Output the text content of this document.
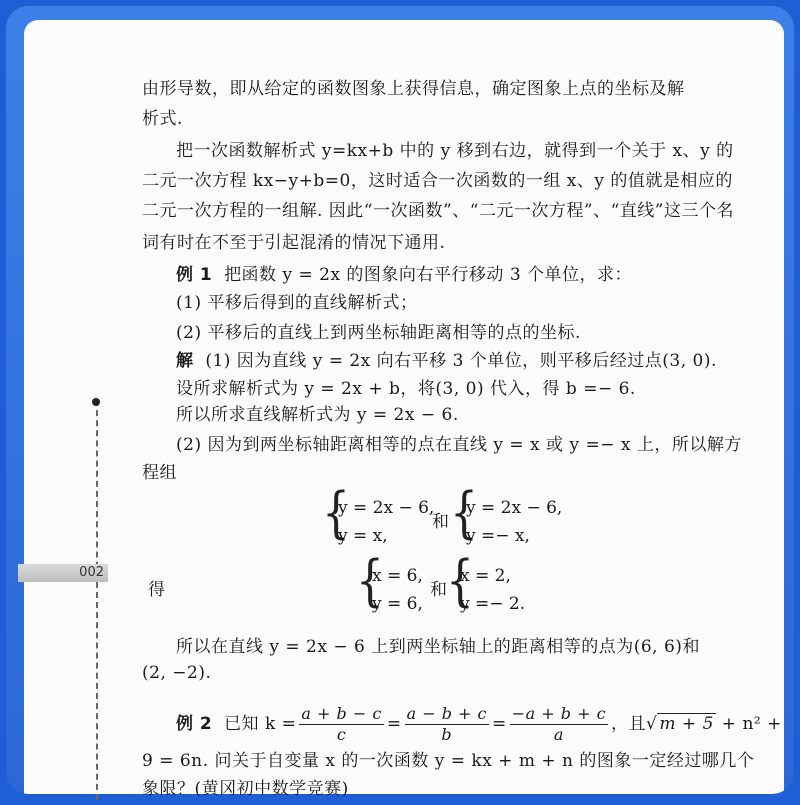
002
由形导数，即从给定的函数图象上获得信息，确定图象上点的坐标及解
析式.
把一次函数解析式 y=kx+b 中的 y 移到右边，就得到一个关于 x、y 的
二元一次方程 kx−y+b=0，这时适合一次函数的一组 x、y 的值就是相应的
二元一次方程的一组解. 因此“一次函数”、“二元一次方程”、“直线”这三个名
词有时在不至于引起混淆的情况下通用.
例 1 把函数 y = 2x 的图象向右平行移动 3 个单位，求：
(1) 平移后得到的直线解析式；
(2) 平移后的直线上到两坐标轴距离相等的点的坐标.
解 (1) 因为直线 y = 2x 向右平移 3 个单位，则平移后经过点(3, 0).
设所求解析式为 y = 2x + b，将(3, 0) 代入，得 b =− 6.
所以所求直线解析式为 y = 2x − 6.
(2) 因为到两坐标轴距离相等的点在直线 y = x 或 y =− x 上，所以解方
程组
所以在直线 y = 2x − 6 上到两坐标轴上的距离相等的点为(6, 6)和
(2, −2).
例 2 已知 $k = \frac{a + b - c}{c} = \frac{a - b + c}{b} = \frac{-a + b + c}{a}$ ，且√ m + 5 + n² +
9 = 6n. 问关于自变量 x 的一次函数 y = kx + m + n 的图象一定经过哪几个
象限？(黄冈初中数学竞赛)
{
y = 2x − 6,
y = x,
和 {
y = 2x − 6,
y =− x,
得	{
x = 6,
y = 6,
和 {
x = 2,
y =− 2.
